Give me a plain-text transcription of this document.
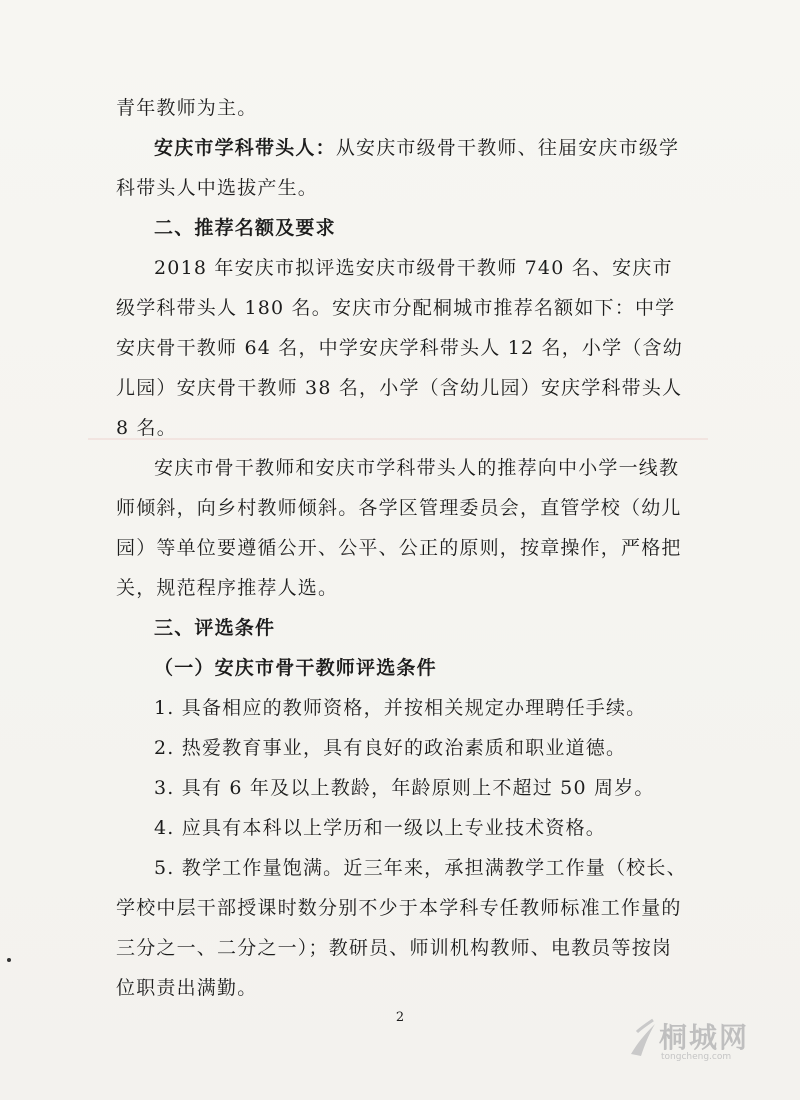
青年教师为主。

安庆市学科带头人：从安庆市级骨干教师、往届安庆市级学科带头人中选拔产生。

二、推荐名额及要求

2018 年安庆市拟评选安庆市级骨干教师 740 名、安庆市级学科带头人 180 名。安庆市分配桐城市推荐名额如下：中学安庆骨干教师 64 名，中学安庆学科带头人 12 名，小学（含幼儿园）安庆骨干教师 38 名，小学（含幼儿园）安庆学科带头人 8 名。

安庆市骨干教师和安庆市学科带头人的推荐向中小学一线教师倾斜，向乡村教师倾斜。各学区管理委员会，直管学校（幼儿园）等单位要遵循公开、公平、公正的原则，按章操作，严格把关，规范程序推荐人选。

三、评选条件

（一）安庆市骨干教师评选条件

1. 具备相应的教师资格，并按相关规定办理聘任手续。

2. 热爱教育事业，具有良好的政治素质和职业道德。

3. 具有 6 年及以上教龄，年龄原则上不超过 50 周岁。

4. 应具有本科以上学历和一级以上专业技术资格。

5. 教学工作量饱满。近三年来，承担满教学工作量（校长、学校中层干部授课时数分别不少于本学科专任教师标准工作量的三分之一、二分之一）；教研员、师训机构教师、电教员等按岗位职责出满勤。

2
桐城网
tongcheng.com
